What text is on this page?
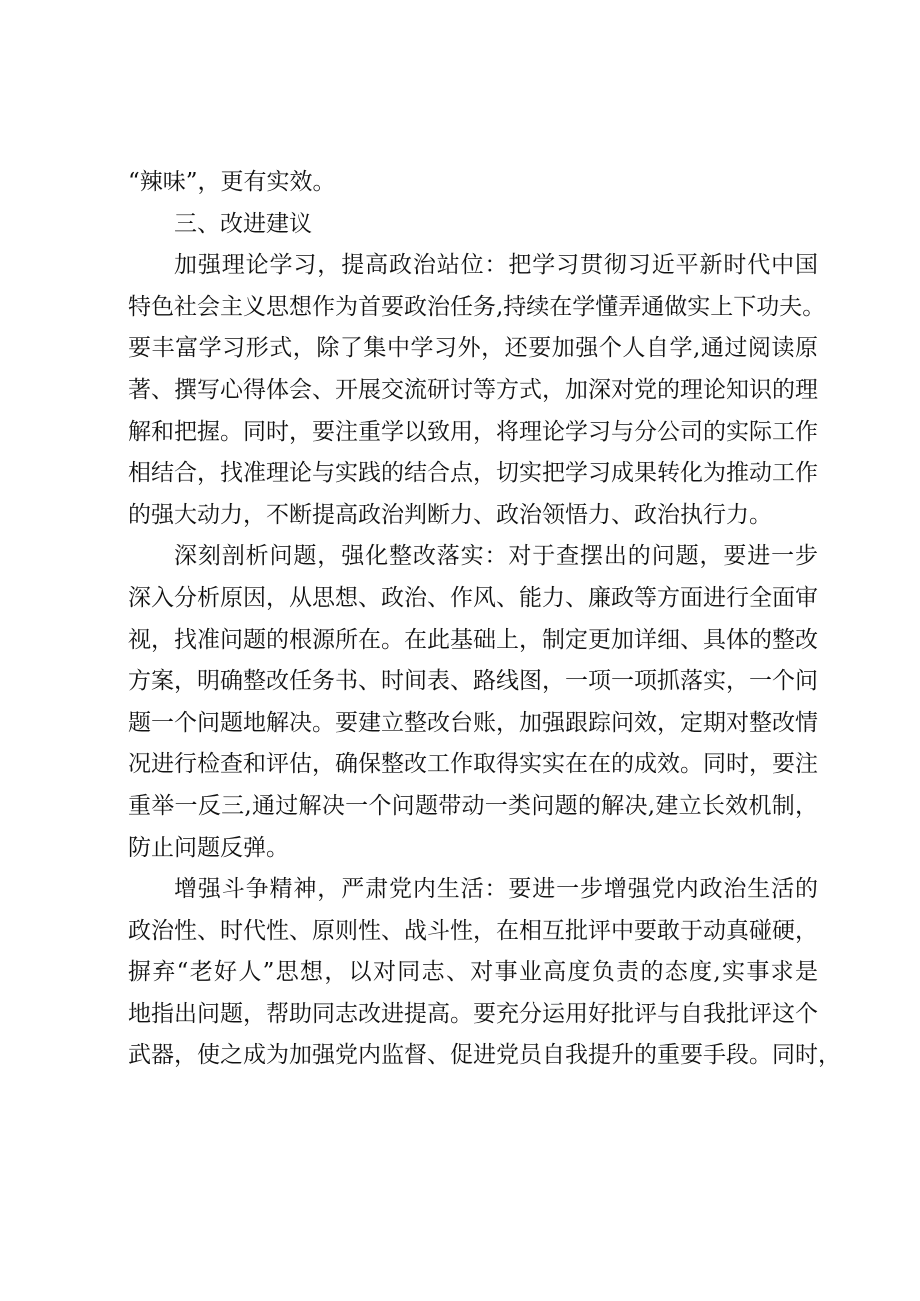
“辣味”，更有实效。
三、改进建议
加强理论学习，提高政治站位：把学习贯彻习近平新时代中国
特色社会主义思想作为首要政治任务,持续在学懂弄通做实上下功夫。
要丰富学习形式，除了集中学习外，还要加强个人自学,通过阅读原
著、撰写心得体会、开展交流研讨等方式，加深对党的理论知识的理
解和把握。同时，要注重学以致用，将理论学习与分公司的实际工作
相结合，找准理论与实践的结合点，切实把学习成果转化为推动工作
的强大动力，不断提高政治判断力、政治领悟力、政治执行力。
深刻剖析问题，强化整改落实：对于查摆出的问题，要进一步
深入分析原因，从思想、政治、作风、能力、廉政等方面进行全面审
视，找准问题的根源所在。在此基础上，制定更加详细、具体的整改
方案，明确整改任务书、时间表、路线图，一项一项抓落实，一个问
题一个问题地解决。要建立整改台账，加强跟踪问效，定期对整改情
况进行检查和评估，确保整改工作取得实实在在的成效。同时，要注
重举一反三,通过解决一个问题带动一类问题的解决,建立长效机制，
防止问题反弹。
增强斗争精神，严肃党内生活：要进一步增强党内政治生活的
政治性、时代性、原则性、战斗性，在相互批评中要敢于动真碰硬，
摒弃“老好人”思想，以对同志、对事业高度负责的态度,实事求是
地指出问题，帮助同志改进提高。要充分运用好批评与自我批评这个
武器，使之成为加强党内监督、促进党员自我提升的重要手段。同时，
